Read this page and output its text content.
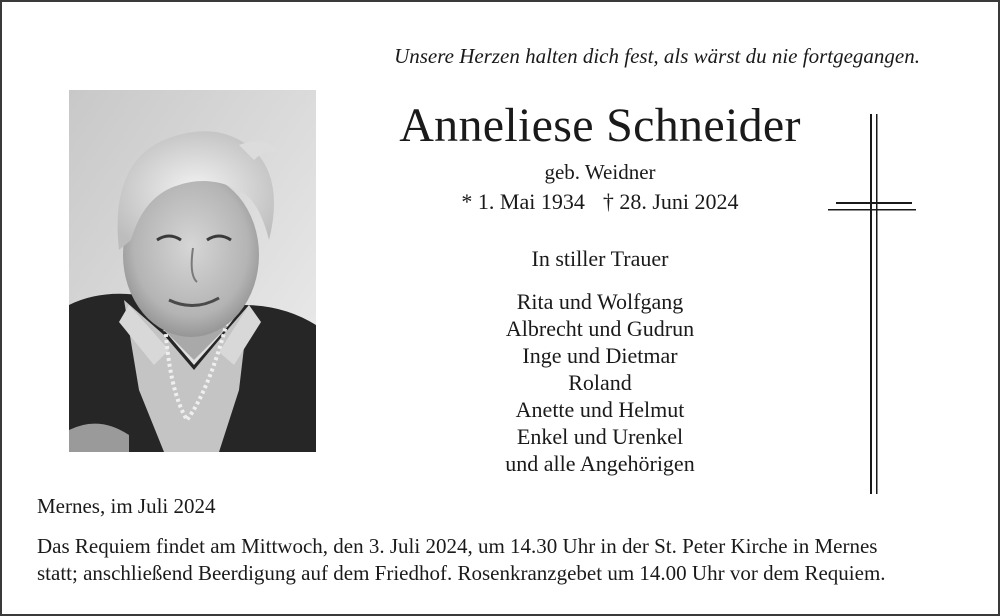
Unsere Herzen halten dich fest, als wärst du nie fortgegangen.
Anneliese Schneider
geb. Weidner
* 1. Mai 1934 † 28. Juni 2024
In stiller Trauer
Rita und Wolfgang
Albrecht und Gudrun
Inge und Dietmar
Roland
Anette und Helmut
Enkel und Urenkel
und alle Angehörigen
Mernes, im Juli 2024

Das Requiem findet am Mittwoch, den 3. Juli 2024, um 14.30 Uhr in der St. Peter Kirche in Mernes
statt; anschließend Beerdigung auf dem Friedhof. Rosenkranzgebet um 14.00 Uhr vor dem Requiem.
